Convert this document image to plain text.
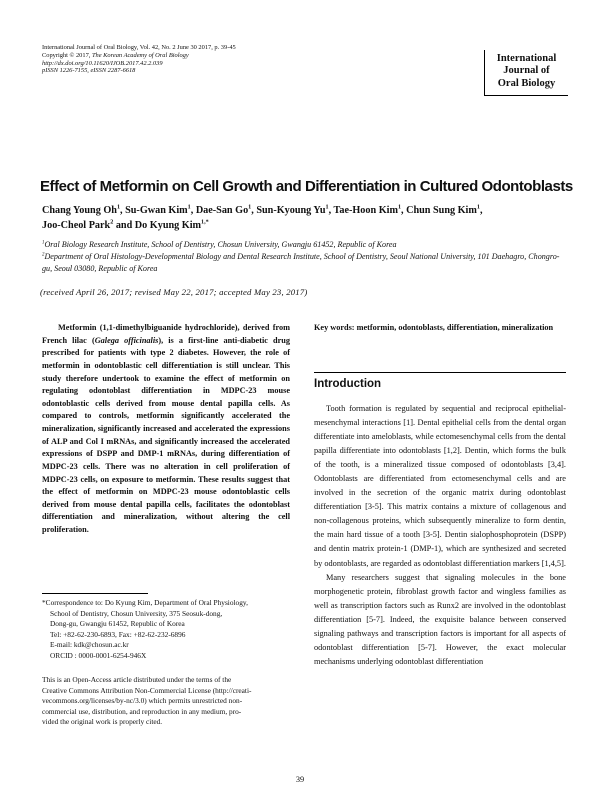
International Journal of Oral Biology, Vol. 42, No. 2 June 30 2017, p. 39-45
Copyright © 2017, The Korean Academy of Oral Biology
http://dx.doi.org/10.11620/IJOB.2017.42.2.039
pISSN 1226-7155, eISSN 2287-6618
International
Journal of
Oral Biology
Effect of Metformin on Cell Growth and Differentiation in Cultured Odontoblasts
Chang Young Oh$^1$, Su-Gwan Kim$^1$, Dae-San Go$^1$, Sun-Kyoung Yu$^1$, Tae-Hoon Kim$^1$, Chun Sung Kim$^1$,
Joo-Cheol Park$^2$ and Do Kyung Kim$^{1,*}$
$^1$Oral Biology Research Institute, School of Dentistry, Chosun University, Gwangju 61452, Republic of Korea
$^2$Department of Oral Histology-Developmental Biology and Dental Research Institute, School of Dentistry, Seoul National University, 101 Daehagro, Chongro-gu, Seoul 03080, Republic of Korea
(received April 26, 2017; revised May 22, 2017; accepted May 23, 2017)

Metformin (1,1-dimethylbiguanide hydrochloride), derived from French lilac (Galega officinalis), is a first-line anti-diabetic drug prescribed for patients with type 2 diabetes. However, the role of metformin in odontoblastic cell differentiation is still unclear. This study therefore undertook to examine the effect of metformin on regulating odontoblast differentiation in MDPC-23 mouse odontoblastic cells derived from mouse dental papilla cells. As compared to controls, metformin significantly accelerated the mineralization, significantly increased and accelerated the expressions of ALP and Col I mRNAs, and significantly increased the accelerated expressions of DSPP and DMP-1 mRNAs, during differentiation of MDPC-23 cells. There was no alteration in cell proliferation of MDPC-23 cells, on exposure to metformin. These results suggest that the effect of metformin on MDPC-23 mouse odontoblastic cells derived from mouse dental papilla cells, facilitates the odontoblast differentiation and mineralization, without altering the cell proliferation.

Key words: metformin, odontoblasts, differentiation, mineralization

Introduction

Tooth formation is regulated by sequential and reciprocal epithelial- mesenchymal interactions [1]. Dental epithelial cells from the dental organ differentiate into ameloblasts, while ectomesenchymal cells from the dental papilla differentiate into odontoblasts [1,2]. Dentin, which forms the bulk of the tooth, is a mineralized tissue composed of odontoblasts [3,4]. Odontoblasts are differentiated from ectomesenchymal cells and are involved in the secretion of the organic matrix during odontoblast differentiation [3-5]. This matrix contains a mixture of collagenous and non-collagenous proteins, which subsequently mineralize to form dentin, the main hard tissue of a tooth [3-5]. Dentin sialophosphoprotein (DSPP) and dentin matrix protein-1 (DMP-1), which are synthesized and secreted by odontoblasts, are regarded as odontoblast differentiation markers [1,4,5].

Many researchers suggest that signaling molecules in the bone morphogenetic protein, fibroblast growth factor and wingless families as well as transcription factors such as Runx2 are involved in the odontoblast differentiation [5-7]. Indeed, the exquisite balance between conserved signaling pathways and transcription factors is important for all aspects of odontoblast differentiation [5-7]. However, the exact molecular mechanisms underlying odontoblast differentiation

*Correspondence to: Do Kyung Kim, Department of Oral Physiology,
School of Dentistry, Chosun University, 375 Seosuk-dong,
Dong-gu, Gwangju 61452, Republic of Korea
Tel: +82-62-230-6893, Fax: +82-62-232-6896
E-mail: kdk@chosun.ac.kr
ORCID : 0000-0001-6254-946X
This is an Open-Access article distributed under the terms of the
Creative Commons Attribution Non-Commercial License (http://creati-
vecommons.org/licenses/by-nc/3.0) which permits unrestricted non-
commercial use, distribution, and reproduction in any medium, pro-
vided the original work is properly cited.
39
